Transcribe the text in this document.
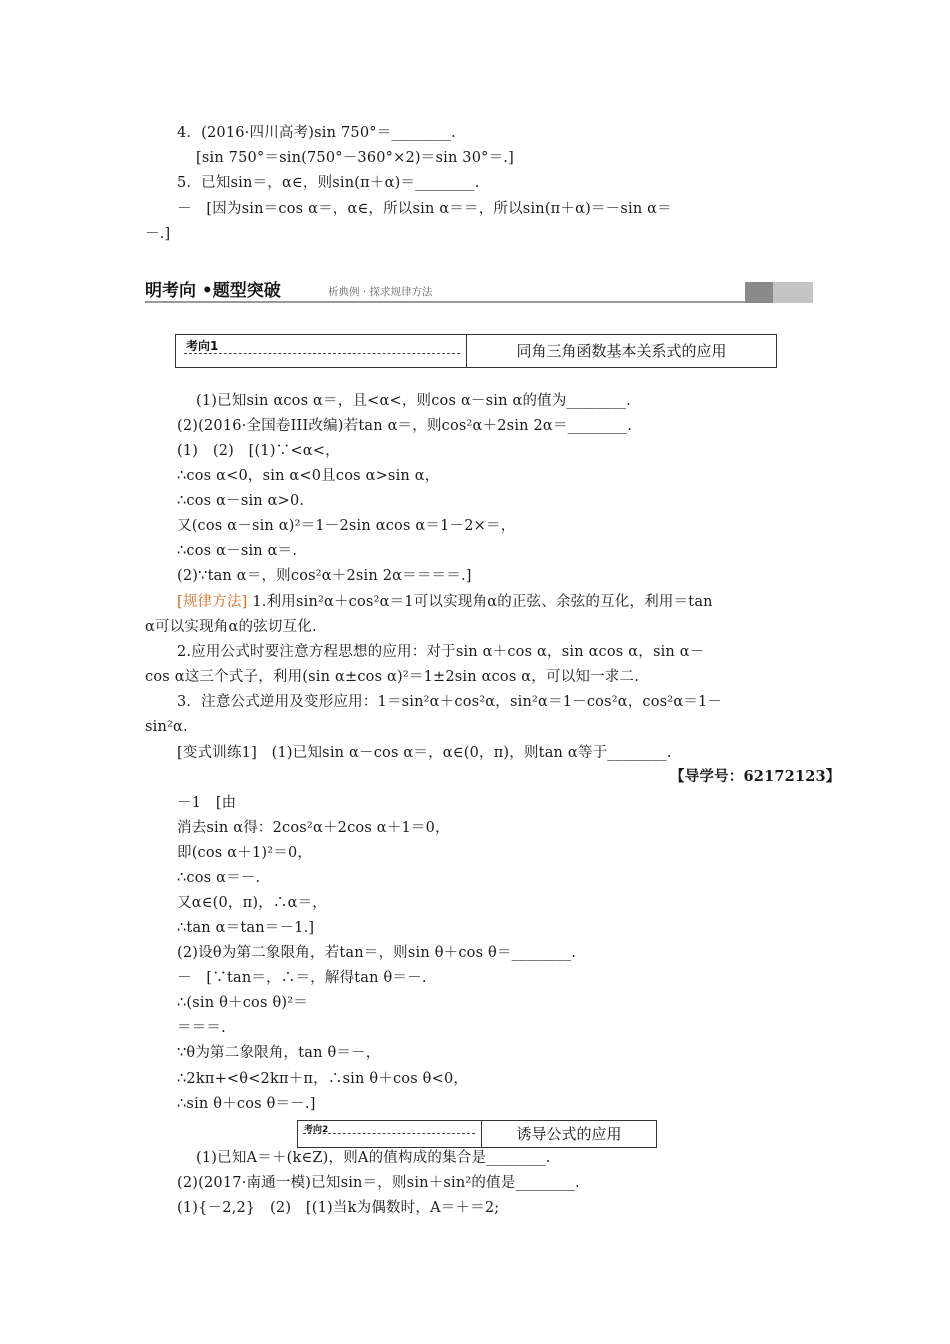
4．(2016·四川高考)sin 750°＝________.
[sin 750°＝sin(750°－360°×2)＝sin 30°＝.]
5．已知sin＝，α∈，则sin(π＋α)＝________.
－　[因为sin＝cos α＝，α∈，所以sin α＝＝，所以sin(π＋α)＝－sin α＝
－.]
明考向 •题型突破	析典例 · 探求规律方法
考向1	同角三角函数基本关系式的应用
(1)已知sin αcos α＝，且<α<，则cos α－sin α的值为________.
(2)(2016·全国卷III改编)若tan α＝，则cos²α＋2sin 2α＝________.
(1)　(2)　[(1)∵<α<，
∴cos α<0，sin α<0且cos α>sin α，
∴cos α－sin α>0.
又(cos α－sin α)²＝1－2sin αcos α＝1－2×＝，
∴cos α－sin α＝.
(2)∵tan α＝，则cos²α＋2sin 2α＝＝＝＝.]
[规律方法] 1.利用sin²α＋cos²α＝1可以实现角α的正弦、余弦的互化，利用＝tan
α可以实现角α的弦切互化.
2.应用公式时要注意方程思想的应用：对于sin α＋cos α，sin αcos α，sin α－
cos α这三个式子，利用(sin α±cos α)²＝1±2sin αcos α，可以知一求二.
3．注意公式逆用及变形应用：1＝sin²α＋cos²α，sin²α＝1－cos²α，cos²α＝1－
sin²α.
[变式训练1]　(1)已知sin α－cos α＝，α∈(0，π)，则tan α等于________.
【导学号：62172123】
－1　[由
消去sin α得：2cos²α＋2cos α＋1＝0，
即(cos α＋1)²＝0，
∴cos α＝－.
又α∈(0，π)，∴α＝，
∴tan α＝tan＝－1.]
(2)设θ为第二象限角，若tan＝，则sin θ＋cos θ＝________.
－　[∵tan＝，∴＝，解得tan θ＝－.
∴(sin θ＋cos θ)²＝
＝＝＝.
∵θ为第二象限角，tan θ＝－，
∴2kπ+<θ<2kπ＋π，∴sin θ＋cos θ<0，
∴sin θ＋cos θ＝－.]
考向2	诱导公式的应用
(1)已知A＝＋(k∈Z)，则A的值构成的集合是________.
(2)(2017·南通一模)已知sin＝，则sin＋sin²的值是________.
(1){－2,2}　(2)　[(1)当k为偶数时，A＝＋＝2;
